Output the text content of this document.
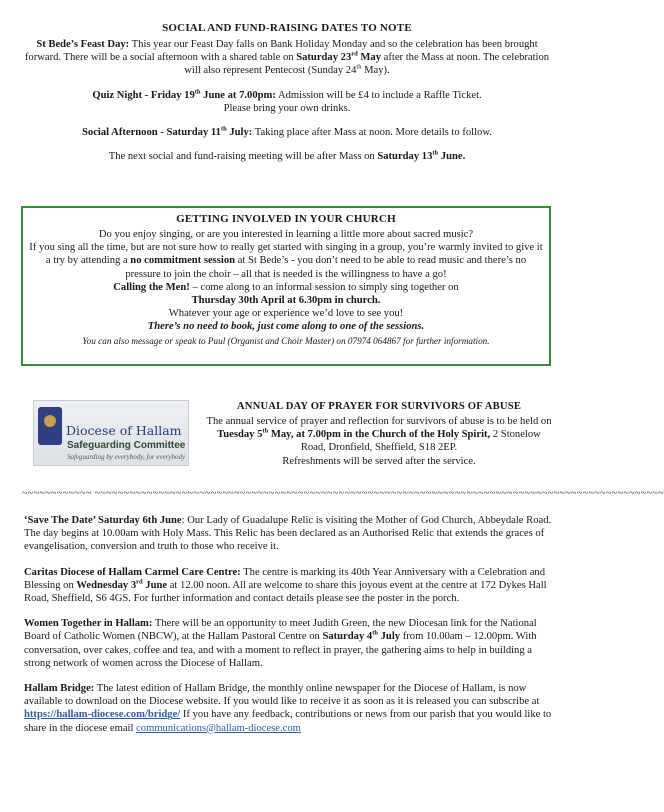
SOCIAL AND FUND-RAISING DATES TO NOTE

St Bede’s Feast Day: This year our Feast Day falls on Bank Holiday Monday and so the celebration has been brought forward. There will be a social afternoon with a shared table on Saturday 23rd May after the Mass at noon. The celebration will also represent Pentecost (Sunday 24th May).

Quiz Night - Friday 19th June at 7.00pm: Admission will be £4 to include a Raffle Ticket.

Please bring your own drinks.

Social Afternoon - Saturday 11th July: Taking place after Mass at noon. More details to follow.

The next social and fund-raising meeting will be after Mass on Saturday 13th June.

GETTING INVOLVED IN YOUR CHURCH

Do you enjoy singing, or are you interested in learning a little more about sacred music?

If you sing all the time, but are not sure how to really get started with singing in a group, you’re warmly invited to give it a try by attending a no commitment session at St Bede’s - you don’t need to be able to read music and there’s no pressure to join the choir – all that is needed is the willingness to have a go!

Calling the Men! – come along to an informal session to simply sing together on

Thursday 30th April at 6.30pm in church.

Whatever your age or experience we’d love to see you!

There’s no need to book, just come along to one of the sessions.

You can also message or speak to Paul (Organist and Choir Master) on 07974 064867 for further information.

Diocese of Hallam
Safeguarding Committee
Safeguarding by everybody, for everybody

ANNUAL DAY OF PRAYER FOR SURVIVORS OF ABUSE

The annual service of prayer and reflection for survivors of abuse is to be held on Tuesday 5th May, at 7.00pm in the Church of the Holy Spirit, 2 Stonelow Road, Dronfield, Sheffield, S18 2EP.

Refreshments will be served after the service.

~~~~~~~~~~~~ ~~~~~~~~~~~~~~~~~~~~~~~~~~~~~~~~~~~~~~~~~~~~~~~~~~~~~~~~~~~~~~~~~~~~~~~~~~~~~~~~~~~~~~~~~~~~~~~~~~

‘Save The Date’ Saturday 6th June: Our Lady of Guadalupe Relic is visiting the Mother of God Church, Abbeydale Road. The day begins at 10.00am with Holy Mass. This Relic has been declared as an Authorised Relic that extends the graces of evangelisation, conversion and truth to those who receive it.

Caritas Diocese of Hallam Carmel Care Centre: The centre is marking its 40th Year Anniversary with a Celebration and Blessing on Wednesday 3rd June at 12.00 noon. All are welcome to share this joyous event at the centre at 172 Dykes Hall Road, Sheffield, S6 4GS. For further information and contact details please see the poster in the porch.

Women Together in Hallam: There will be an opportunity to meet Judith Green, the new Diocesan link for the National Board of Catholic Women (NBCW), at the Hallam Pastoral Centre on Saturday 4th July from 10.00am – 12.00pm. With conversation, over cakes, coffee and tea, and with a moment to reflect in prayer, the gathering aims to help in building a strong network of women across the Diocese of Hallam.

Hallam Bridge: The latest edition of Hallam Bridge, the monthly online newspaper for the Diocese of Hallam, is now available to download on the Diocese website. If you would like to receive it as soon as it is released you can subscribe at https://hallam-diocese.com/bridge/ If you have any feedback, contributions or news from our parish that you would like to share in the diocese email communications@hallam-diocese.com
